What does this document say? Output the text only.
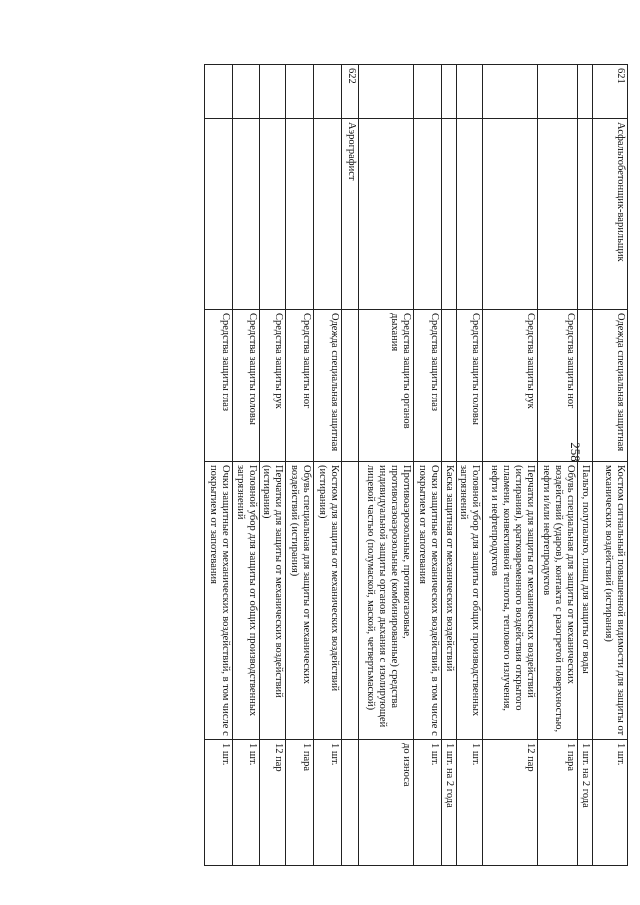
258
621
Асфальтобетонщик-варильщик
Одежда специальная защитная
Костюм сигнальный повышенной видимости для защиты от механических воздействий (истирания)
1 шт.
Пальто, полупальто, плащ для защиты от воды
1 шт. на 2 года
Средства защиты ног
Обувь специальная для защиты от механических воздействий (ударов), контакта с разогретой поверхностью, нефти и/или нефтепродуктов
1 пара
Средства защиты рук
Перчатки для защиты от механических воздействий (истирания), кратковременного воздействия открытого пламени, конвективной теплоты, теплового излучения, нефти и нефтепродуктов
12 пар
Средства защиты головы
Головной убор для защиты от общих производственных загрязнений
1 шт.
Каска защитная от механических воздействий
1 шт. на 2 года
Средства защиты глаз
Очки защитные от механических воздействий, в том числе с покрытием от запотевания
1 шт.
Средства защиты органов дыхания
Противоаэрозольные, противогазовые, противогазоаэрозольные (комбинированные) средства индивидуальной защиты органов дыхания с изолирующей лицевой частью (полумаской, маской, четвертьмаской)
до износа
622
Аэрографист
Одежда специальная защитная
Костюм для защиты от механических воздействий (истирания)
1 шт.
Средства защиты ног
Обувь специальная для защиты от механических воздействий (истирания)
1 пара
Средства защиты рук
Перчатки для защиты от механических воздействий (истирания)
12 пар
Средства защиты головы
Головной убор для защиты от общих производственных загрязнений
1 шт.
Средства защиты глаз
Очки защитные от механических воздействий, в том числе с покрытием от запотевания
1 шт.
